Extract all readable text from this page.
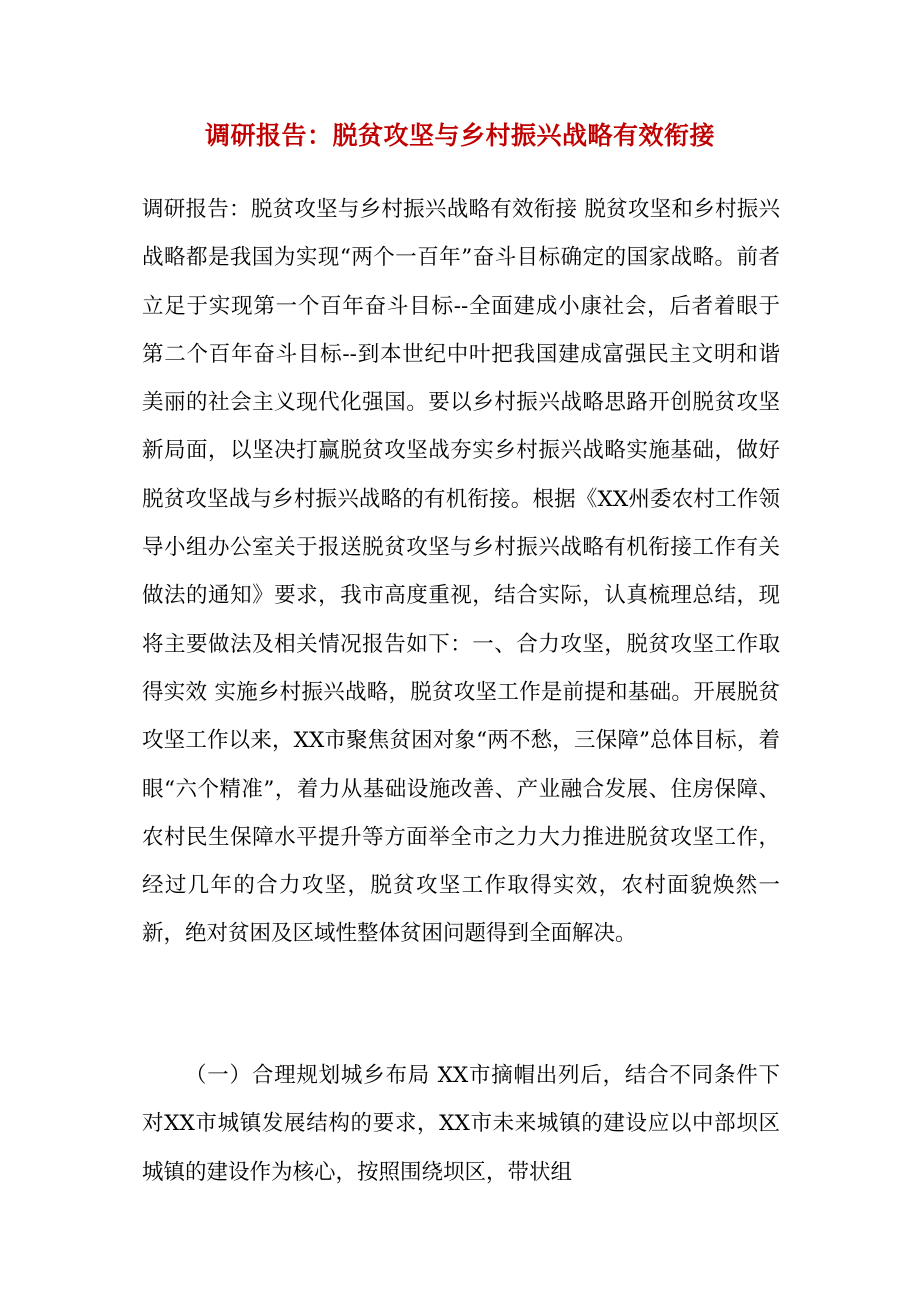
调研报告：脱贫攻坚与乡村振兴战略有效衔接

调研报告：脱贫攻坚与乡村振兴战略有效衔接 脱贫攻坚和乡村振兴战略都是我国为实现“两个一百年”奋斗目标确定的国家战略。前者立足于实现第一个百年奋斗目标--全面建成小康社会，后者着眼于第二个百年奋斗目标--到本世纪中叶把我国建成富强民主文明和谐美丽的社会主义现代化强国。要以乡村振兴战略思路开创脱贫攻坚新局面，以坚决打赢脱贫攻坚战夯实乡村振兴战略实施基础，做好脱贫攻坚战与乡村振兴战略的有机衔接。根据《XX州委农村工作领导小组办公室关于报送脱贫攻坚与乡村振兴战略有机衔接工作有关做法的通知》要求，我市高度重视，结合实际，认真梳理总结，现将主要做法及相关情况报告如下：一、合力攻坚，脱贫攻坚工作取得实效 实施乡村振兴战略，脱贫攻坚工作是前提和基础。开展脱贫攻坚工作以来，XX市聚焦贫困对象“两不愁，三保障”总体目标，着眼“六个精准”，着力从基础设施改善、产业融合发展、住房保障、农村民生保障水平提升等方面举全市之力大力推进脱贫攻坚工作，经过几年的合力攻坚，脱贫攻坚工作取得实效，农村面貌焕然一新，绝对贫困及区域性整体贫困问题得到全面解决。

（一）合理规划城乡布局 XX市摘帽出列后，结合不同条件下对XX市城镇发展结构的要求，XX市未来城镇的建设应以中部坝区城镇的建设作为核心，按照围绕坝区，带状组
